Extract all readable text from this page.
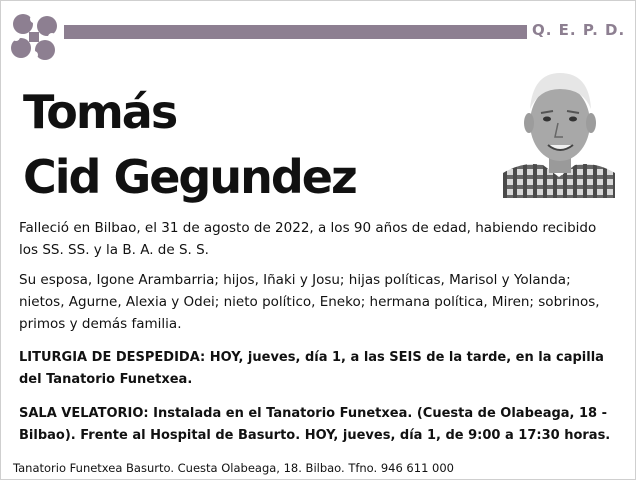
Q. E. P. D.
Tomás
Cid Gegundez
Falleció en Bilbao, el 31 de agosto de 2022, a los 90 años de edad, habiendo recibido
los SS. SS. y la B. A. de S. S.
Su esposa, Igone Arambarria; hijos, Iñaki y Josu; hijas políticas, Marisol y Yolanda;
nietos, Agurne, Alexia y Odei; nieto político, Eneko; hermana política, Miren; sobrinos,
primos y demás familia.
LITURGIA DE DESPEDIDA: HOY, jueves, día 1, a las SEIS de la tarde, en la capilla
del Tanatorio Funetxea.
SALA VELATORIO: Instalada en el Tanatorio Funetxea. (Cuesta de Olabeaga, 18 -
Bilbao). Frente al Hospital de Basurto. HOY, jueves, día 1, de 9:00 a 17:30 horas.
Tanatorio Funetxea Basurto. Cuesta Olabeaga, 18. Bilbao. Tfno. 946 611 000
